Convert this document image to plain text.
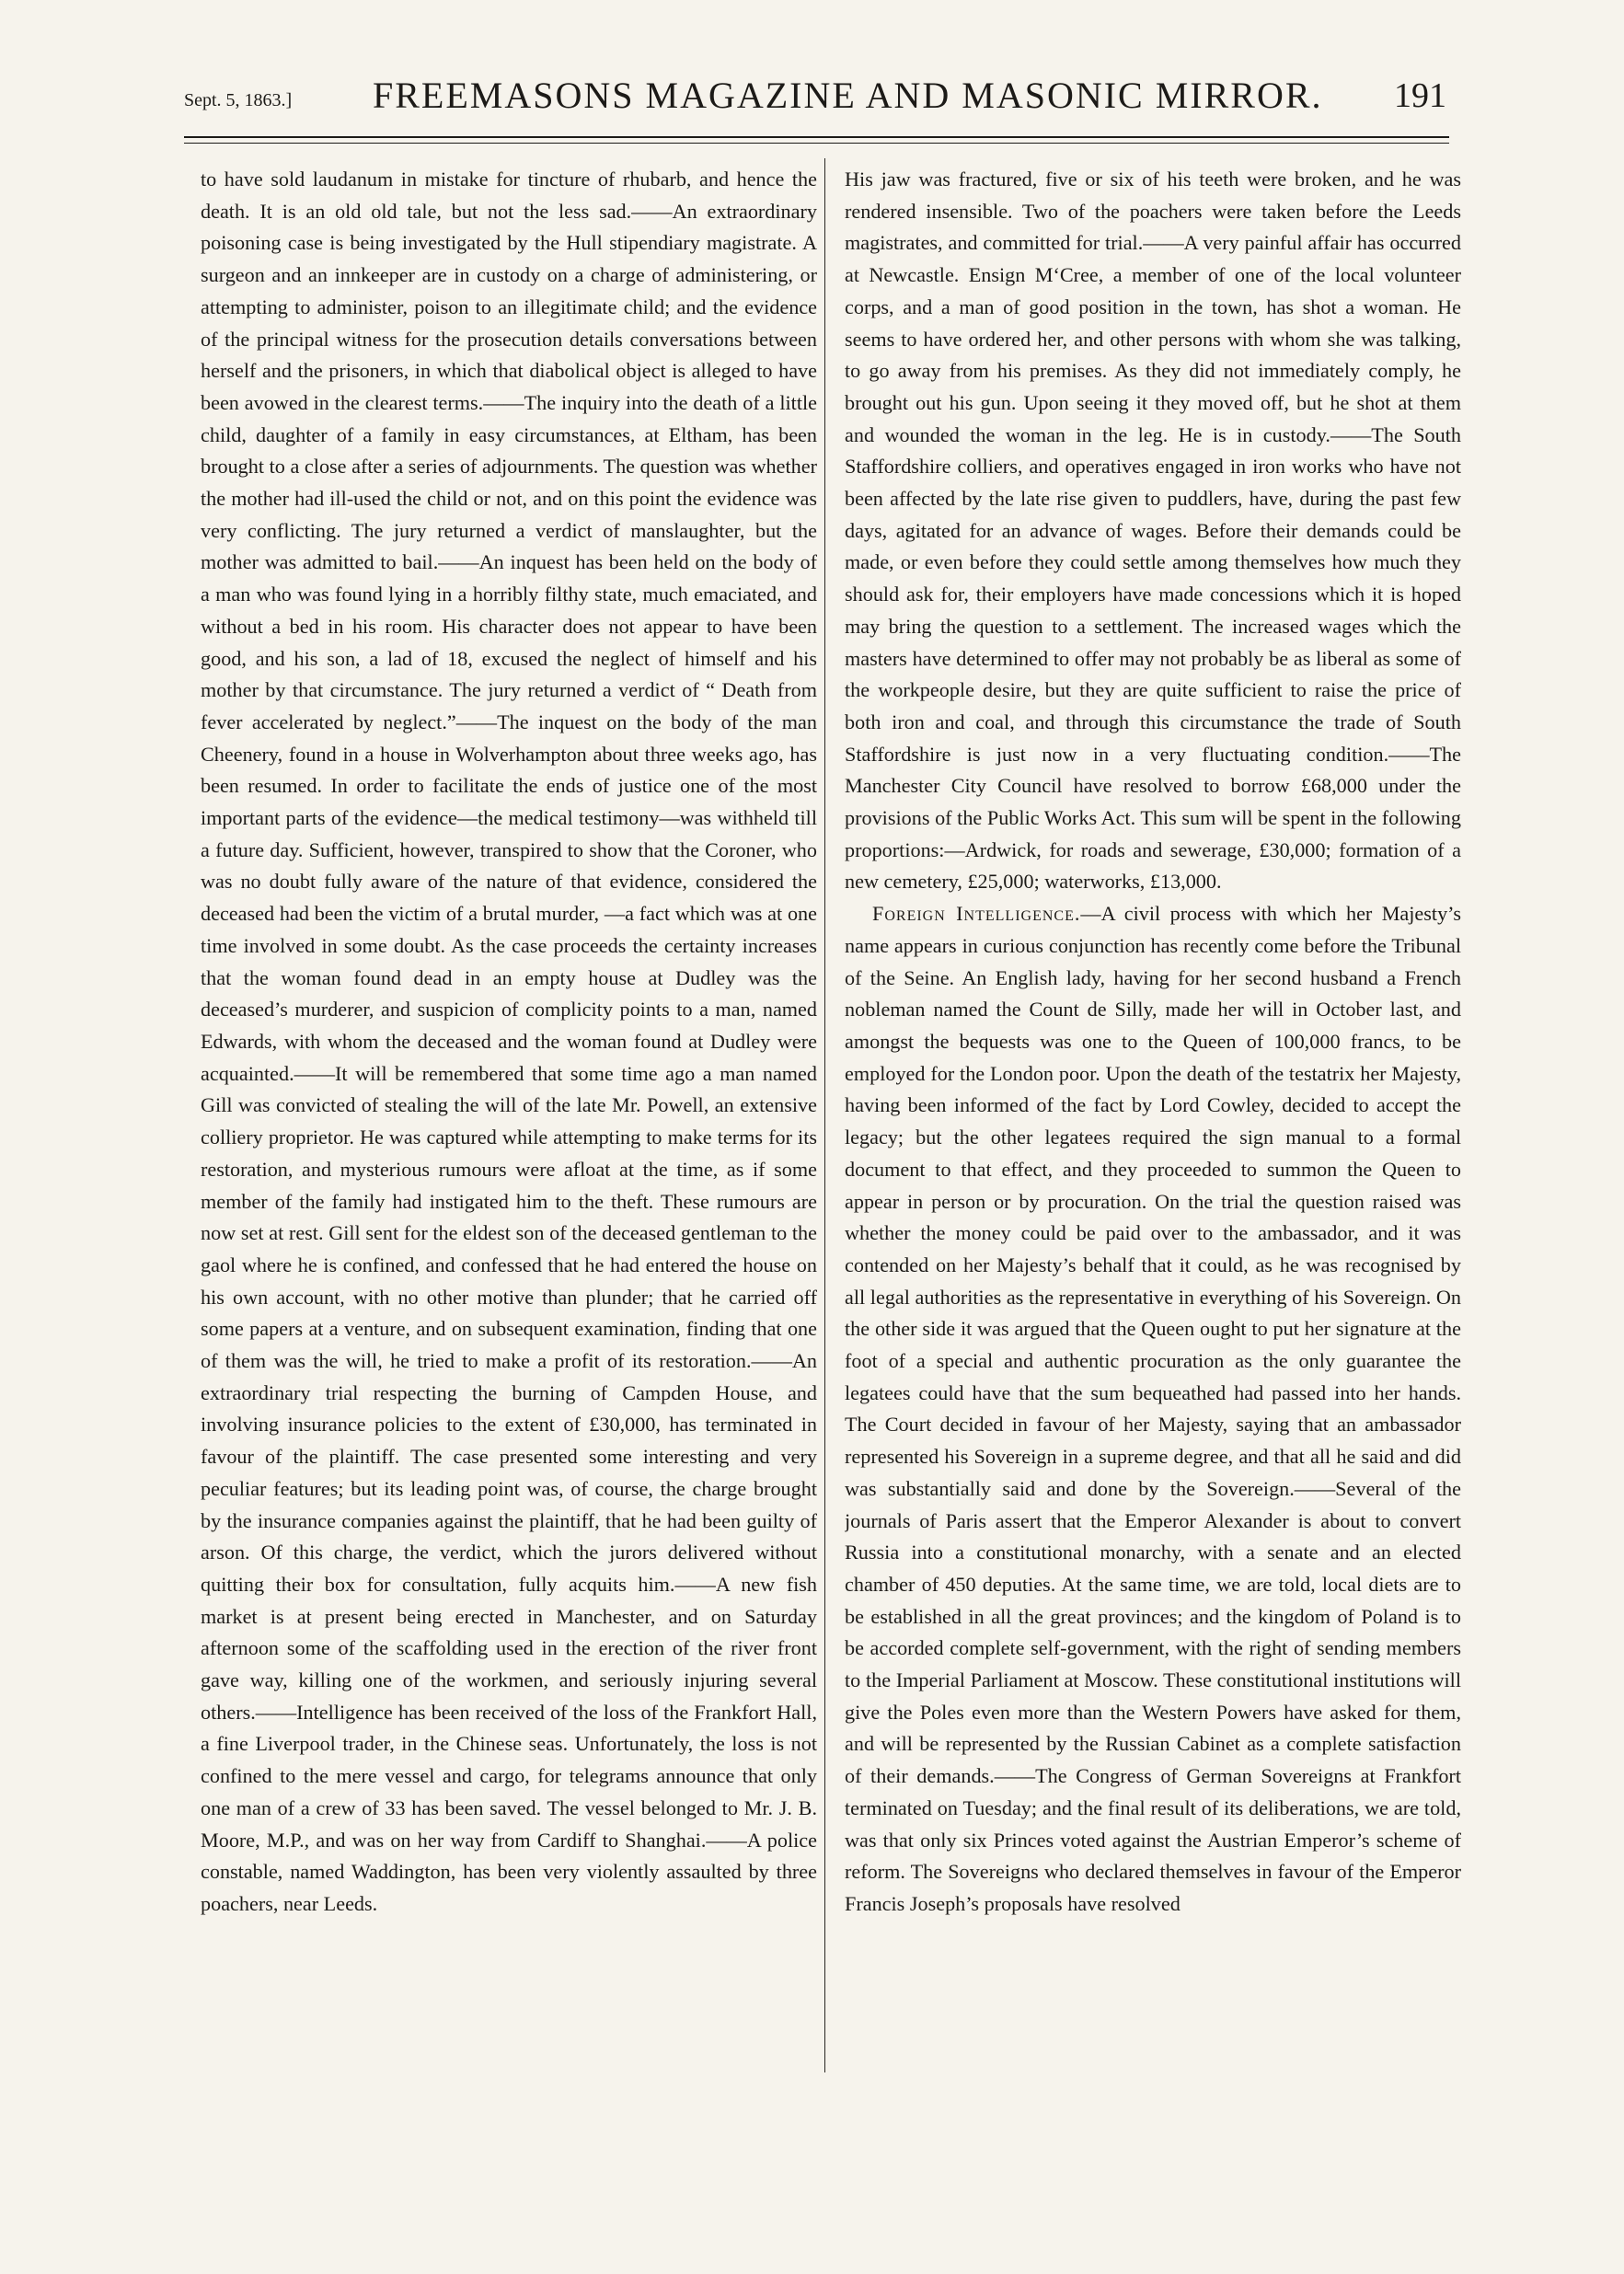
Sept. 5, 1863.] FREEMASONS MAGAZINE AND MASONIC MIRROR. 191

to have sold laudanum in mistake for tincture of rhubarb, and hence the death. It is an old old tale, but not the less sad.——An extraordinary poisoning case is being investigated by the Hull stipendiary magistrate. A surgeon and an innkeeper are in custody on a charge of administering, or attempting to administer, poison to an illegitimate child; and the evidence of the principal witness for the prosecution details conversations between herself and the prisoners, in which that diabolical object is alleged to have been avowed in the clearest terms.——The inquiry into the death of a little child, daughter of a family in easy circumstances, at Eltham, has been brought to a close after a series of adjournments. The question was whether the mother had ill-used the child or not, and on this point the evidence was very conflicting. The jury returned a verdict of manslaughter, but the mother was admitted to bail.——An inquest has been held on the body of a man who was found lying in a horribly filthy state, much emaciated, and without a bed in his room. His character does not appear to have been good, and his son, a lad of 18, excused the neglect of himself and his mother by that circumstance. The jury returned a verdict of “ Death from fever accelerated by neglect.”——The inquest on the body of the man Cheenery, found in a house in Wolverhampton about three weeks ago, has been resumed. In order to facilitate the ends of justice one of the most important parts of the evidence—the medical testimony—was withheld till a future day. Sufficient, however, transpired to show that the Coroner, who was no doubt fully aware of the nature of that evidence, considered the deceased had been the victim of a brutal murder, —a fact which was at one time involved in some doubt. As the case proceeds the certainty increases that the woman found dead in an empty house at Dudley was the deceased’s murderer, and suspicion of complicity points to a man, named Edwards, with whom the deceased and the woman found at Dudley were acquainted.——It will be remembered that some time ago a man named Gill was convicted of stealing the will of the late Mr. Powell, an extensive colliery proprietor. He was captured while attempting to make terms for its restoration, and mysterious rumours were afloat at the time, as if some member of the family had instigated him to the theft. These rumours are now set at rest. Gill sent for the eldest son of the deceased gentleman to the gaol where he is confined, and confessed that he had entered the house on his own account, with no other motive than plunder; that he carried off some papers at a venture, and on subsequent examination, finding that one of them was the will, he tried to make a profit of its restoration.——An extraordinary trial respecting the burning of Campden House, and involving insurance policies to the extent of £30,000, has terminated in favour of the plaintiff. The case presented some interesting and very peculiar features; but its leading point was, of course, the charge brought by the insurance companies against the plaintiff, that he had been guilty of arson. Of this charge, the verdict, which the jurors delivered without quitting their box for consultation, fully acquits him.——A new fish market is at present being erected in Manchester, and on Saturday afternoon some of the scaffolding used in the erection of the river front gave way, killing one of the workmen, and seriously injuring several others.——Intelligence has been received of the loss of the Frankfort Hall, a fine Liverpool trader, in the Chinese seas. Unfortunately, the loss is not confined to the mere vessel and cargo, for telegrams announce that only one man of a crew of 33 has been saved. The vessel belonged to Mr. J. B. Moore, M.P., and was on her way from Cardiff to Shanghai.——A police constable, named Waddington, has been very violently assaulted by three poachers, near Leeds.

His jaw was fractured, five or six of his teeth were broken, and he was rendered insensible. Two of the poachers were taken before the Leeds magistrates, and committed for trial.——A very painful affair has occurred at Newcastle. Ensign M‘Cree, a member of one of the local volunteer corps, and a man of good position in the town, has shot a woman. He seems to have ordered her, and other persons with whom she was talking, to go away from his premises. As they did not immediately comply, he brought out his gun. Upon seeing it they moved off, but he shot at them and wounded the woman in the leg. He is in custody.——The South Staffordshire colliers, and operatives engaged in iron works who have not been affected by the late rise given to puddlers, have, during the past few days, agitated for an advance of wages. Before their demands could be made, or even before they could settle among themselves how much they should ask for, their employers have made concessions which it is hoped may bring the question to a settlement. The increased wages which the masters have determined to offer may not probably be as liberal as some of the workpeople desire, but they are quite sufficient to raise the price of both iron and coal, and through this circumstance the trade of South Staffordshire is just now in a very fluctuating condition.——The Manchester City Council have resolved to borrow £68,000 under the provisions of the Public Works Act. This sum will be spent in the following proportions:—Ardwick, for roads and sewerage, £30,000; formation of a new cemetery, £25,000; waterworks, £13,000.

Foreign Intelligence.—A civil process with which her Majesty’s name appears in curious conjunction has recently come before the Tribunal of the Seine. An English lady, having for her second husband a French nobleman named the Count de Silly, made her will in October last, and amongst the bequests was one to the Queen of 100,000 francs, to be employed for the London poor. Upon the death of the testatrix her Majesty, having been informed of the fact by Lord Cowley, decided to accept the legacy; but the other legatees required the sign manual to a formal document to that effect, and they proceeded to summon the Queen to appear in person or by procuration. On the trial the question raised was whether the money could be paid over to the ambassador, and it was contended on her Majesty’s behalf that it could, as he was recognised by all legal authorities as the representative in everything of his Sovereign. On the other side it was argued that the Queen ought to put her signature at the foot of a special and authentic procuration as the only guarantee the legatees could have that the sum bequeathed had passed into her hands. The Court decided in favour of her Majesty, saying that an ambassador represented his Sovereign in a supreme degree, and that all he said and did was substantially said and done by the Sovereign.——Several of the journals of Paris assert that the Emperor Alexander is about to convert Russia into a constitutional monarchy, with a senate and an elected chamber of 450 deputies. At the same time, we are told, local diets are to be established in all the great provinces; and the kingdom of Poland is to be accorded complete self-government, with the right of sending members to the Imperial Parliament at Moscow. These constitutional institutions will give the Poles even more than the Western Powers have asked for them, and will be represented by the Russian Cabinet as a complete satisfaction of their demands.——The Congress of German Sovereigns at Frankfort terminated on Tuesday; and the final result of its deliberations, we are told, was that only six Princes voted against the Austrian Emperor’s scheme of reform. The Sovereigns who declared themselves in favour of the Emperor Francis Joseph’s proposals have resolved
